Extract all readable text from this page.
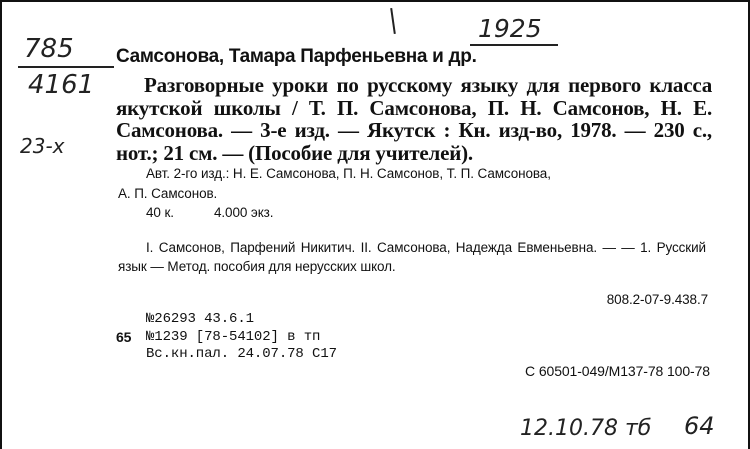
1925
785
4161
23-x
Самсонова, Тамара Парфеньевна и др.
Разговорные уроки по русскому языку для первого класса якутской школы / Т. П. Самсонова, П. Н. Самсонов, Н. Е. Самсонова. — 3-е изд. — Якутск : Кн. изд-во, 1978. — 230 с., нот.; 21 см. — (Пособие для учителей).
Авт. 2-го изд.: Н. Е. Самсонова, П. Н. Самсонов, Т. П. Самсонова,
А. П. Самсонов.
40 к.	4.000 экз.
I. Самсонов, Парфений Никитич. II. Самсонова, Надежда Евменьевна. — — 1. Русский язык — Метод. пособия для нерусских школ.
808.2-07-9.438.7
№26293 43.6.1
65 №1239 [78-54102] в тп
Вс.кн.пал. 24.07.78 С17
С 60501-049/М137-78 100-78
12.10.78 тб 64
